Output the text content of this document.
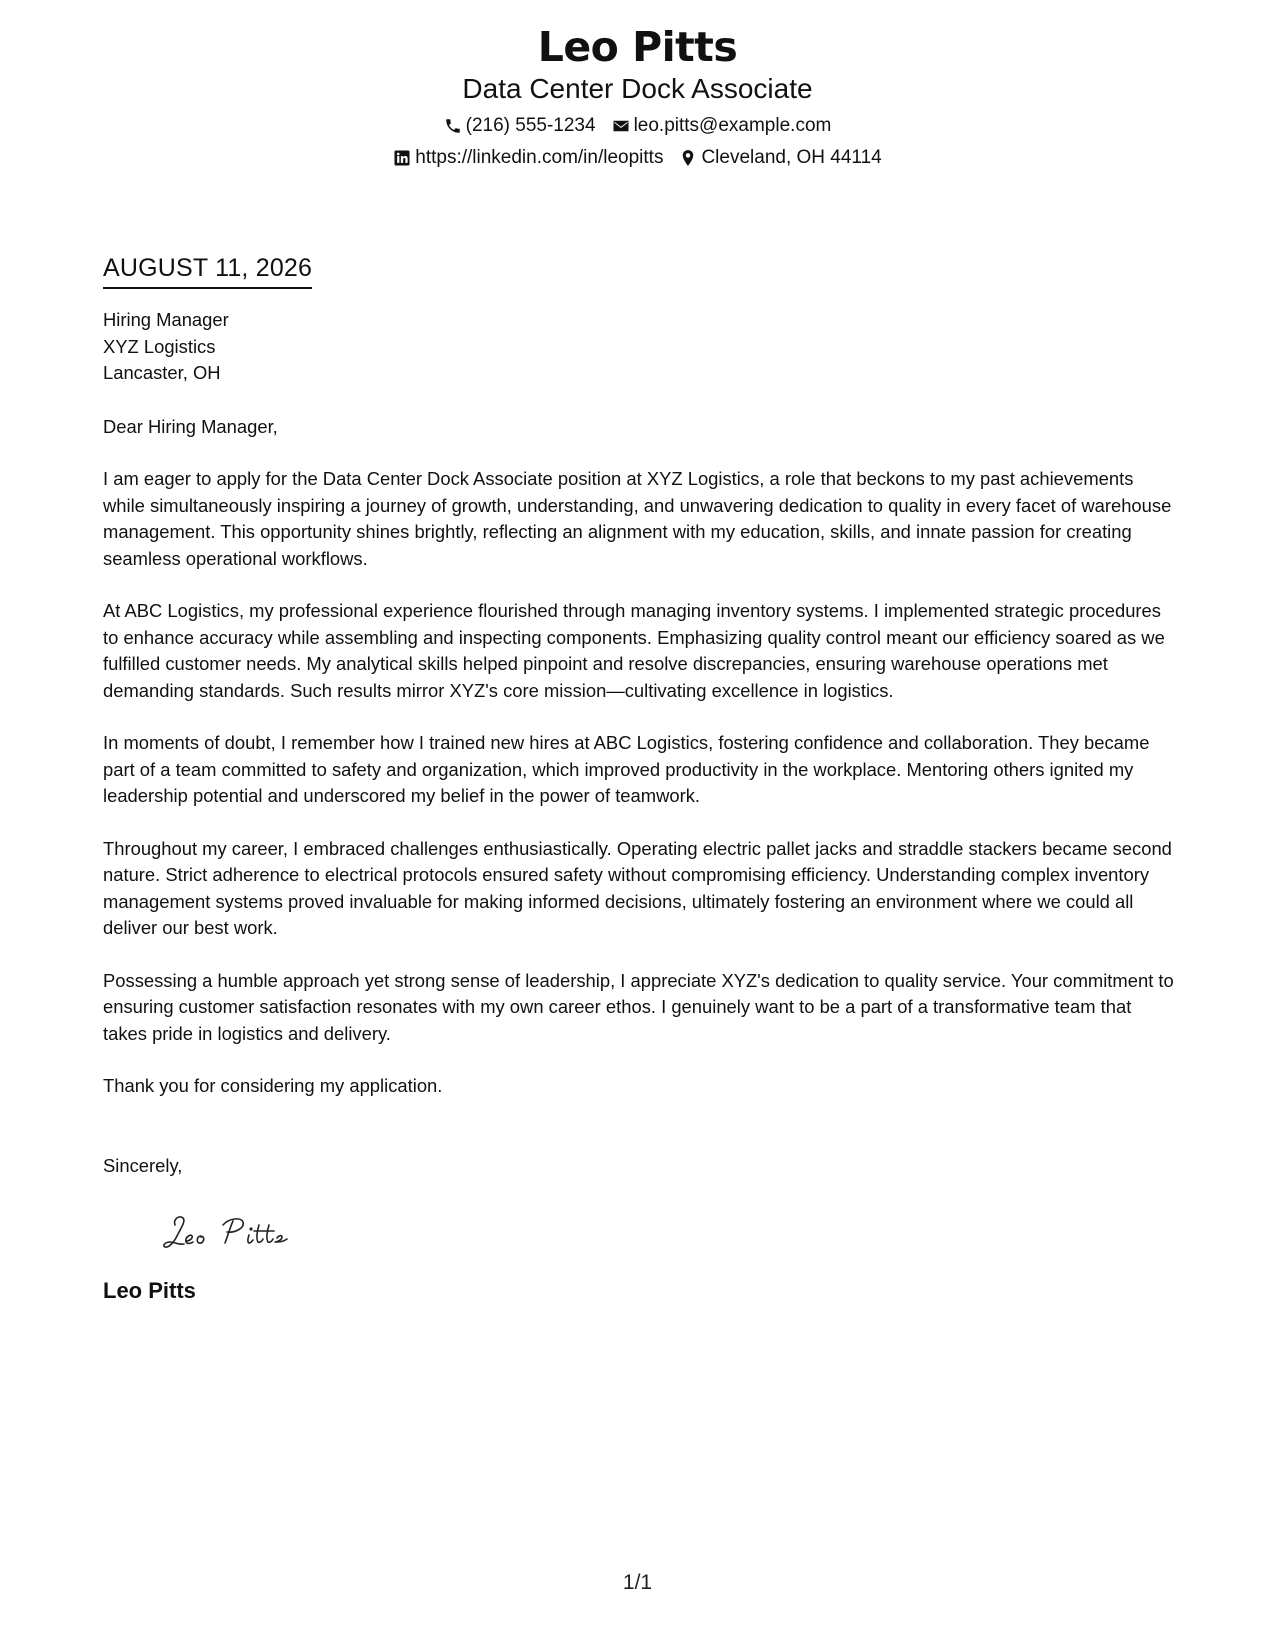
Leo Pitts
Data Center Dock Associate
(216) 555-1234 leo.pitts@example.com
https://linkedin.com/in/leopitts Cleveland, OH 44114
AUGUST 11, 2026
Hiring Manager
XYZ Logistics
Lancaster, OH
Dear Hiring Manager,
I am eager to apply for the Data Center Dock Associate position at XYZ Logistics, a role that beckons to my past achievements while simultaneously inspiring a journey of growth, understanding, and unwavering dedication to quality in every facet of warehouse management. This opportunity shines brightly, reflecting an alignment with my education, skills, and innate passion for creating seamless operational workflows.
At ABC Logistics, my professional experience flourished through managing inventory systems. I implemented strategic procedures to enhance accuracy while assembling and inspecting components. Emphasizing quality control meant our efficiency soared as we fulfilled customer needs. My analytical skills helped pinpoint and resolve discrepancies, ensuring warehouse operations met demanding standards. Such results mirror XYZ's core mission—cultivating excellence in logistics.
In moments of doubt, I remember how I trained new hires at ABC Logistics, fostering confidence and collaboration. They became part of a team committed to safety and organization, which improved productivity in the workplace. Mentoring others ignited my leadership potential and underscored my belief in the power of teamwork.
Throughout my career, I embraced challenges enthusiastically. Operating electric pallet jacks and straddle stackers became second nature. Strict adherence to electrical protocols ensured safety without compromising efficiency. Understanding complex inventory management systems proved invaluable for making informed decisions, ultimately fostering an environment where we could all deliver our best work.
Possessing a humble approach yet strong sense of leadership, I appreciate XYZ's dedication to quality service. Your commitment to ensuring customer satisfaction resonates with my own career ethos. I genuinely want to be a part of a transformative team that takes pride in logistics and delivery.
Thank you for considering my application.
Sincerely,
Leo Pitts
1/1
